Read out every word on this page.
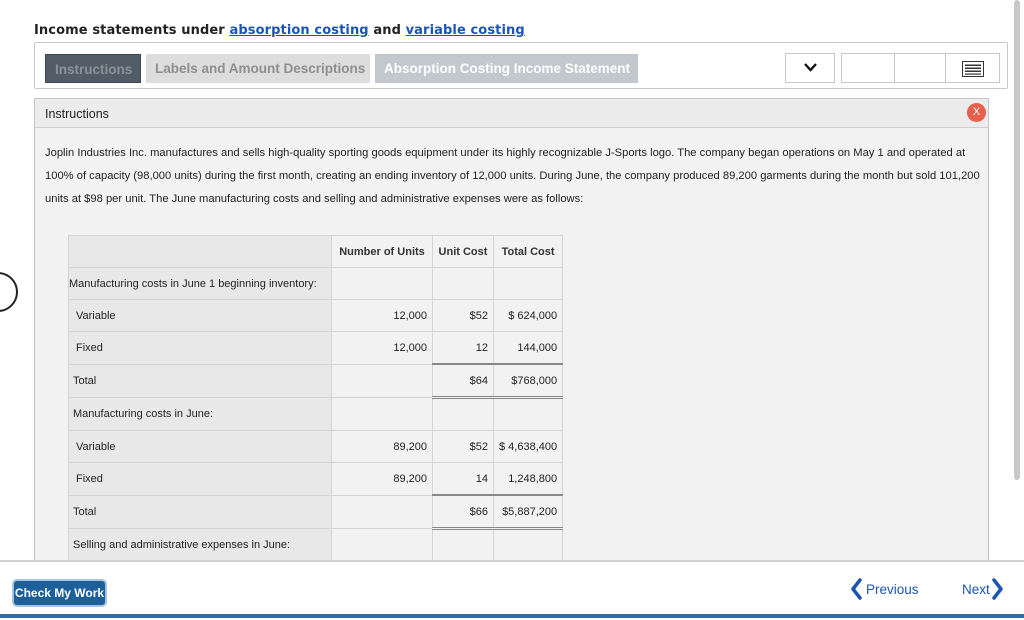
Income statements under absorption costing and variable costing
Instructions	Labels and Amount Descriptions	Absorption Costing Income Statement
Instructions	X
Joplin Industries Inc. manufactures and sells high-quality sporting goods equipment under its highly recognizable J-Sports logo. The company began operations on May 1 and operated at 100% of capacity (98,000 units) during the first month, creating an ending inventory of 12,000 units. During June, the company produced 89,200 garments during the month but sold 101,200 units at $98 per unit. The June manufacturing costs and selling and administrative expenses were as follows:
	Number of Units	Unit Cost	Total Cost
Manufacturing costs in June 1 beginning inventory:			
Variable	12,000	$52	$ 624,000
Fixed	12,000	12	144,000
Total		$64	$768,000
Manufacturing costs in June:			
Variable	89,200	$52	$ 4,638,400
Fixed	89,200	14	1,248,800
Total		$66	$5,887,200
Selling and administrative expenses in June:			

Check My Work	Previous	Next
